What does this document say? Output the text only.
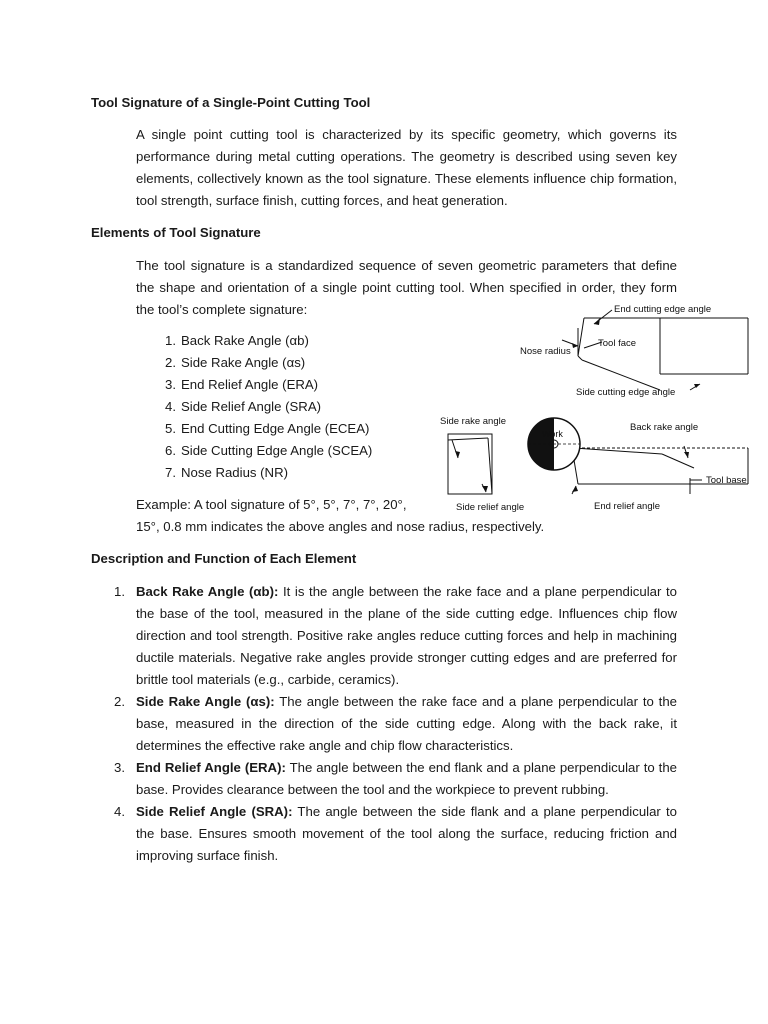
Tool Signature of a Single-Point Cutting Tool
A single point cutting tool is characterized by its specific geometry, which governs its performance during metal cutting operations. The geometry is described using seven key elements, collectively known as the tool signature. These elements influence chip formation, tool strength, surface finish, cutting forces, and heat generation.
Elements of Tool Signature
The tool signature is a standardized sequence of seven geometric parameters that define the shape and orientation of a single point cutting tool. When specified in order, they form the tool’s complete signature:
1. Back Rake Angle (αb)
2. Side Rake Angle (αs)
3. End Relief Angle (ERA)
4. Side Relief Angle (SRA)
5. End Cutting Edge Angle (ECEA)
6. Side Cutting Edge Angle (SCEA)
7. Nose Radius (NR)
Example: A tool signature of 5°, 5°, 7°, 7°, 20°,
15°, 0.8 mm indicates the above angles and nose radius, respectively.
End cutting edge angle
Nose radius
Tool face
Side cutting edge angle
Side rake angle
Work
Back rake angle
Tool base
Side relief angle	End relief angle
Description and Function of Each Element
1. Back Rake Angle (αb): It is the angle between the rake face and a plane perpendicular to the base of the tool, measured in the plane of the side cutting edge. Influences chip flow direction and tool strength. Positive rake angles reduce cutting forces and help in machining ductile materials. Negative rake angles provide stronger cutting edges and are preferred for brittle tool materials (e.g., carbide, ceramics).
2. Side Rake Angle (αs): The angle between the rake face and a plane perpendicular to the base, measured in the direction of the side cutting edge. Along with the back rake, it determines the effective rake angle and chip flow characteristics.
3. End Relief Angle (ERA): The angle between the end flank and a plane perpendicular to the base. Provides clearance between the tool and the workpiece to prevent rubbing.
4. Side Relief Angle (SRA): The angle between the side flank and a plane perpendicular to the base. Ensures smooth movement of the tool along the surface, reducing friction and improving surface finish.
